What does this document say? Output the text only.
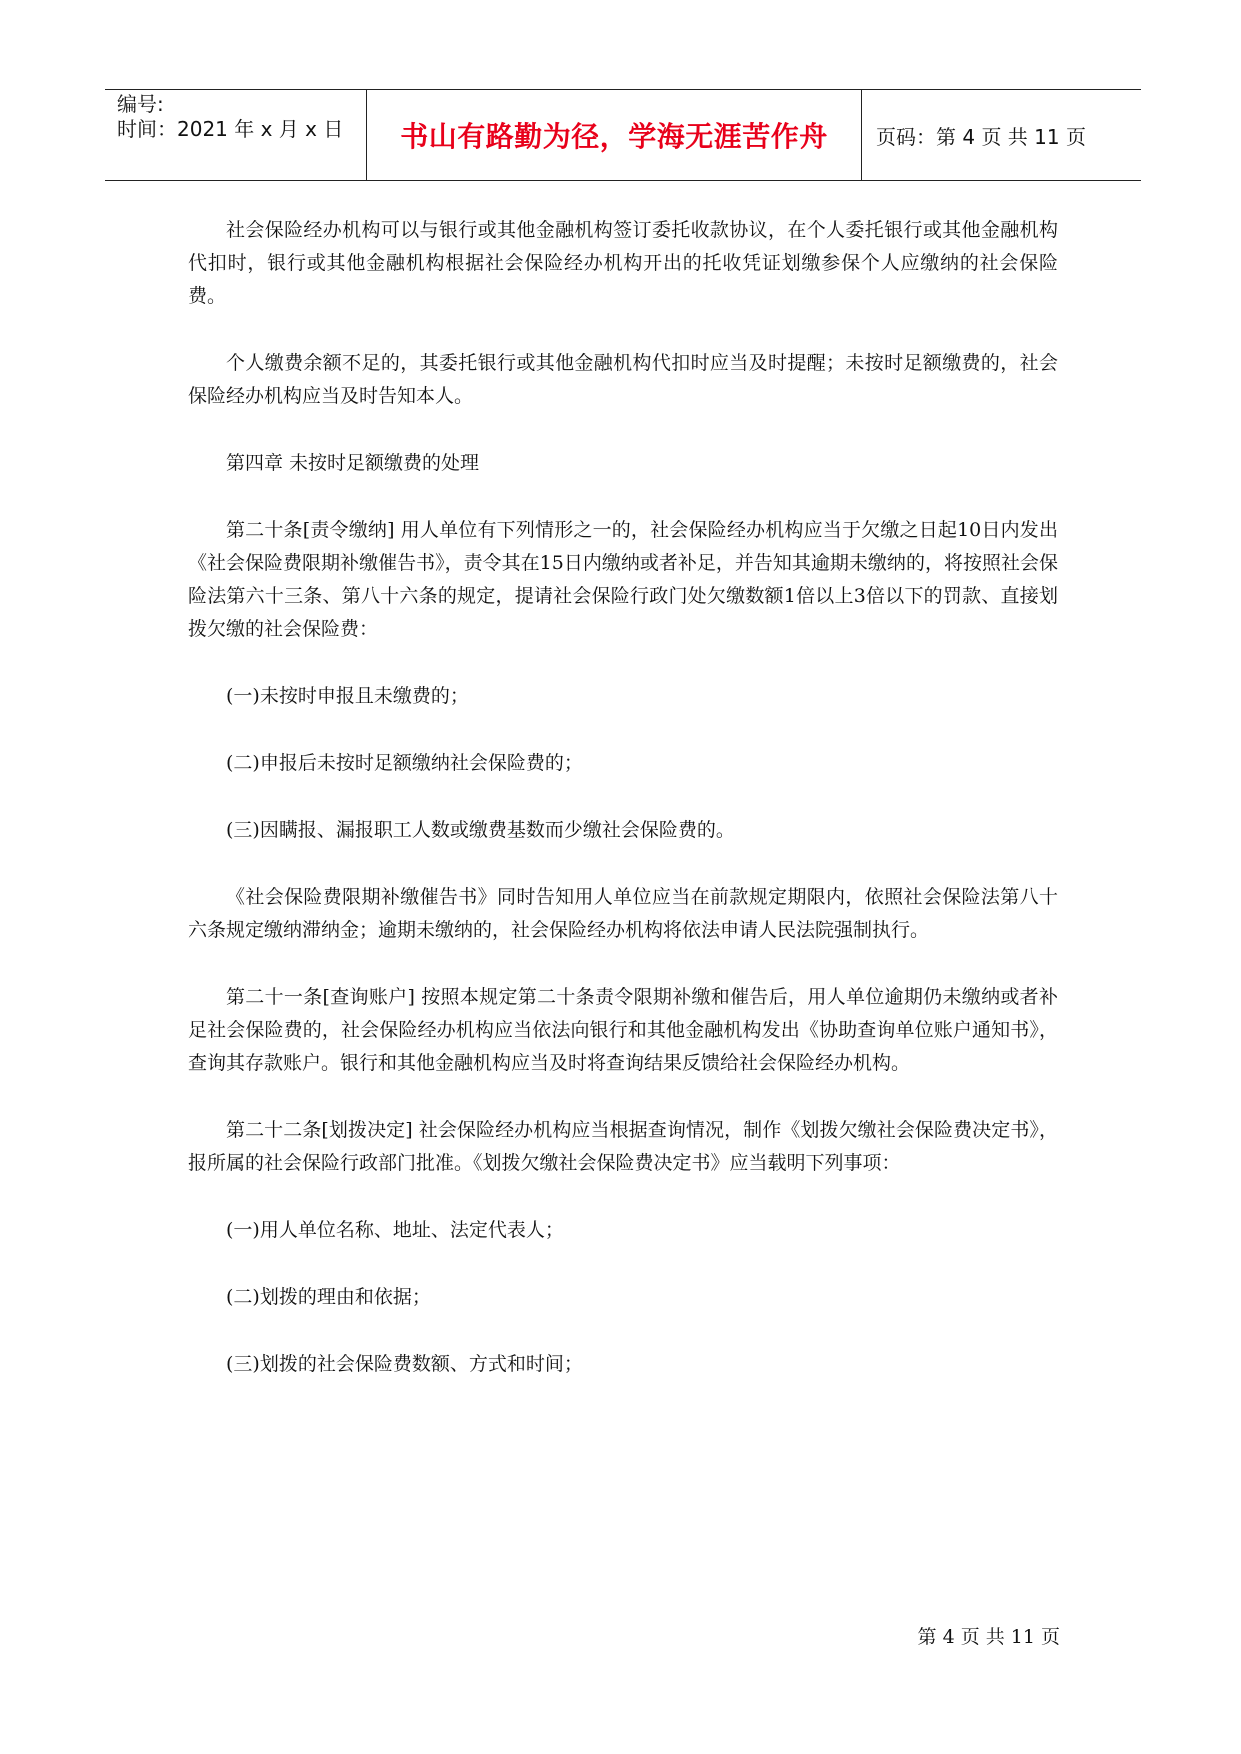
编号:
时间：2021 年 x 月 x 日	书山有路勤为径，学海无涯苦作舟 页码：第 4 页 共 11 页

社会保险经办机构可以与银行或其他金融机构签订委托收款协议，在个人委托银行或其他金融机构代扣时，银行或其他金融机构根据社会保险经办机构开出的托收凭证划缴参保个人应缴纳的社会保险费。

个人缴费余额不足的，其委托银行或其他金融机构代扣时应当及时提醒；未按时足额缴费的，社会保险经办机构应当及时告知本人。

第四章 未按时足额缴费的处理

第二十条[责令缴纳] 用人单位有下列情形之一的，社会保险经办机构应当于欠缴之日起10日内发出《社会保险费限期补缴催告书》，责令其在15日内缴纳或者补足，并告知其逾期未缴纳的，将按照社会保险法第六十三条、第八十六条的规定，提请社会保险行政门处欠缴数额1倍以上3倍以下的罚款、直接划拨欠缴的社会保险费：

(一)未按时申报且未缴费的；

(二)申报后未按时足额缴纳社会保险费的；

(三)因瞒报、漏报职工人数或缴费基数而少缴社会保险费的。

《社会保险费限期补缴催告书》同时告知用人单位应当在前款规定期限内，依照社会保险法第八十六条规定缴纳滞纳金；逾期未缴纳的，社会保险经办机构将依法申请人民法院强制执行。

第二十一条[查询账户] 按照本规定第二十条责令限期补缴和催告后，用人单位逾期仍未缴纳或者补足社会保险费的，社会保险经办机构应当依法向银行和其他金融机构发出《协助查询单位账户通知书》，查询其存款账户。银行和其他金融机构应当及时将查询结果反馈给社会保险经办机构。

第二十二条[划拨决定] 社会保险经办机构应当根据查询情况，制作《划拨欠缴社会保险费决定书》，报所属的社会保险行政部门批准。《划拨欠缴社会保险费决定书》应当载明下列事项：

(一)用人单位名称、地址、法定代表人；

(二)划拨的理由和依据；

(三)划拨的社会保险费数额、方式和时间；

第 4 页 共 11 页
